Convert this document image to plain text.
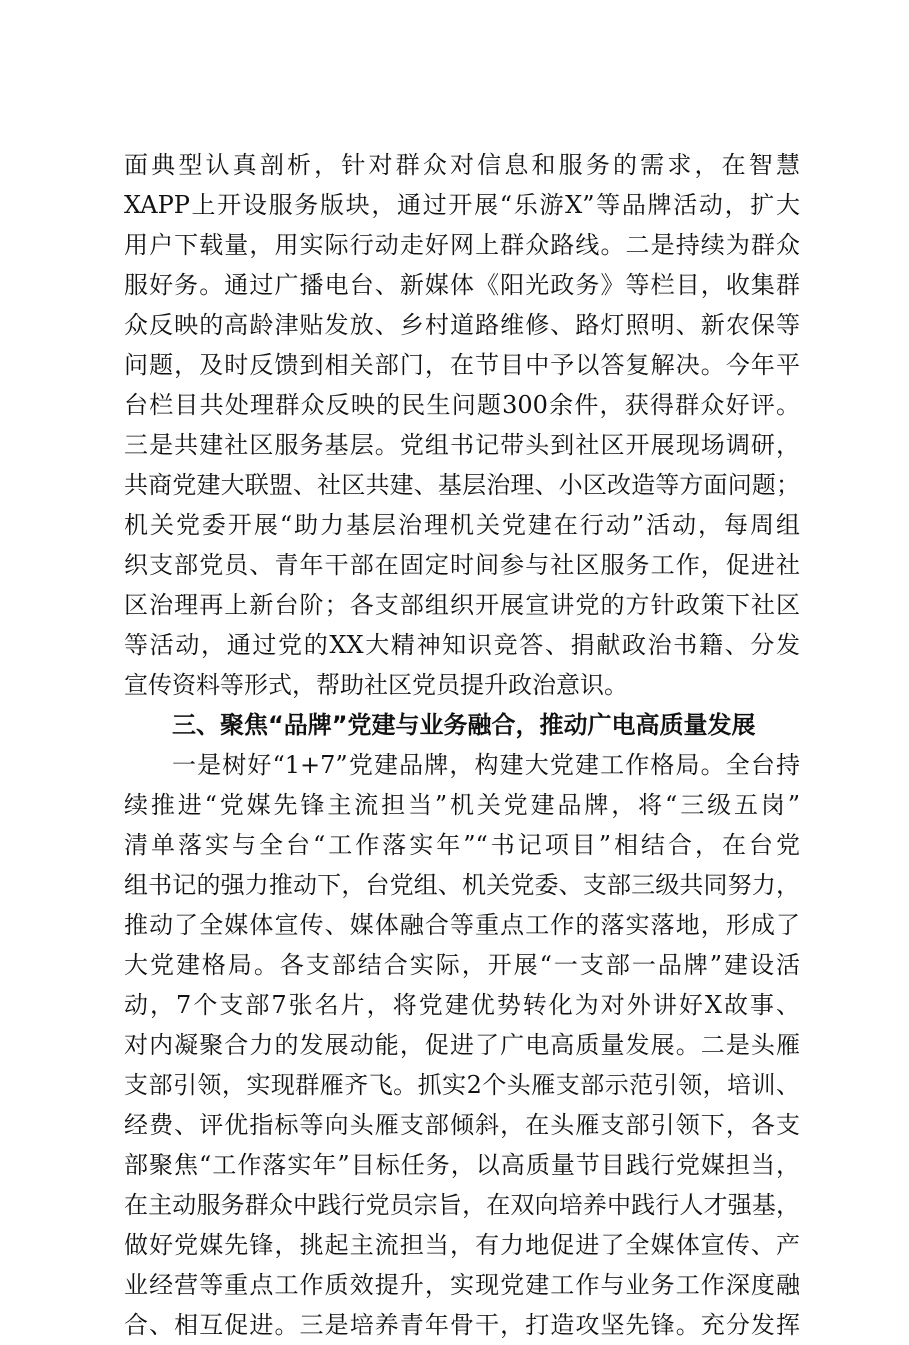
面典型认真剖析，针对群众对信息和服务的需求，在智慧
XAPP上开设服务版块，通过开展“乐游X”等品牌活动，扩大
用户下载量，用实际行动走好网上群众路线。二是持续为群众
服好务。通过广播电台、新媒体《阳光政务》等栏目，收集群
众反映的高龄津贴发放、乡村道路维修、路灯照明、新农保等
问题，及时反馈到相关部门，在节目中予以答复解决。今年平
台栏目共处理群众反映的民生问题300余件，获得群众好评。
三是共建社区服务基层。党组书记带头到社区开展现场调研，
共商党建大联盟、社区共建、基层治理、小区改造等方面问题；
机关党委开展“助力基层治理机关党建在行动”活动，每周组
织支部党员、青年干部在固定时间参与社区服务工作，促进社
区治理再上新台阶；各支部组织开展宣讲党的方针政策下社区
等活动，通过党的XX大精神知识竞答、捐献政治书籍、分发
宣传资料等形式，帮助社区党员提升政治意识。
三、聚焦“品牌”党建与业务融合，推动广电高质量发展
一是树好“1+7”党建品牌，构建大党建工作格局。全台持
续推进“党媒先锋主流担当”机关党建品牌，将“三级五岗”
清单落实与全台“工作落实年”“书记项目”相结合，在台党
组书记的强力推动下，台党组、机关党委、支部三级共同努力，
推动了全媒体宣传、媒体融合等重点工作的落实落地，形成了
大党建格局。各支部结合实际，开展“一支部一品牌”建设活
动，7个支部7张名片，将党建优势转化为对外讲好X故事、
对内凝聚合力的发展动能，促进了广电高质量发展。二是头雁
支部引领，实现群雁齐飞。抓实2个头雁支部示范引领，培训、
经费、评优指标等向头雁支部倾斜，在头雁支部引领下，各支
部聚焦“工作落实年”目标任务，以高质量节目践行党媒担当，
在主动服务群众中践行党员宗旨，在双向培养中践行人才强基，
做好党媒先锋，挑起主流担当，有力地促进了全媒体宣传、产
业经营等重点工作质效提升，实现党建工作与业务工作深度融
合、相互促进。三是培养青年骨干，打造攻坚先锋。充分发挥
